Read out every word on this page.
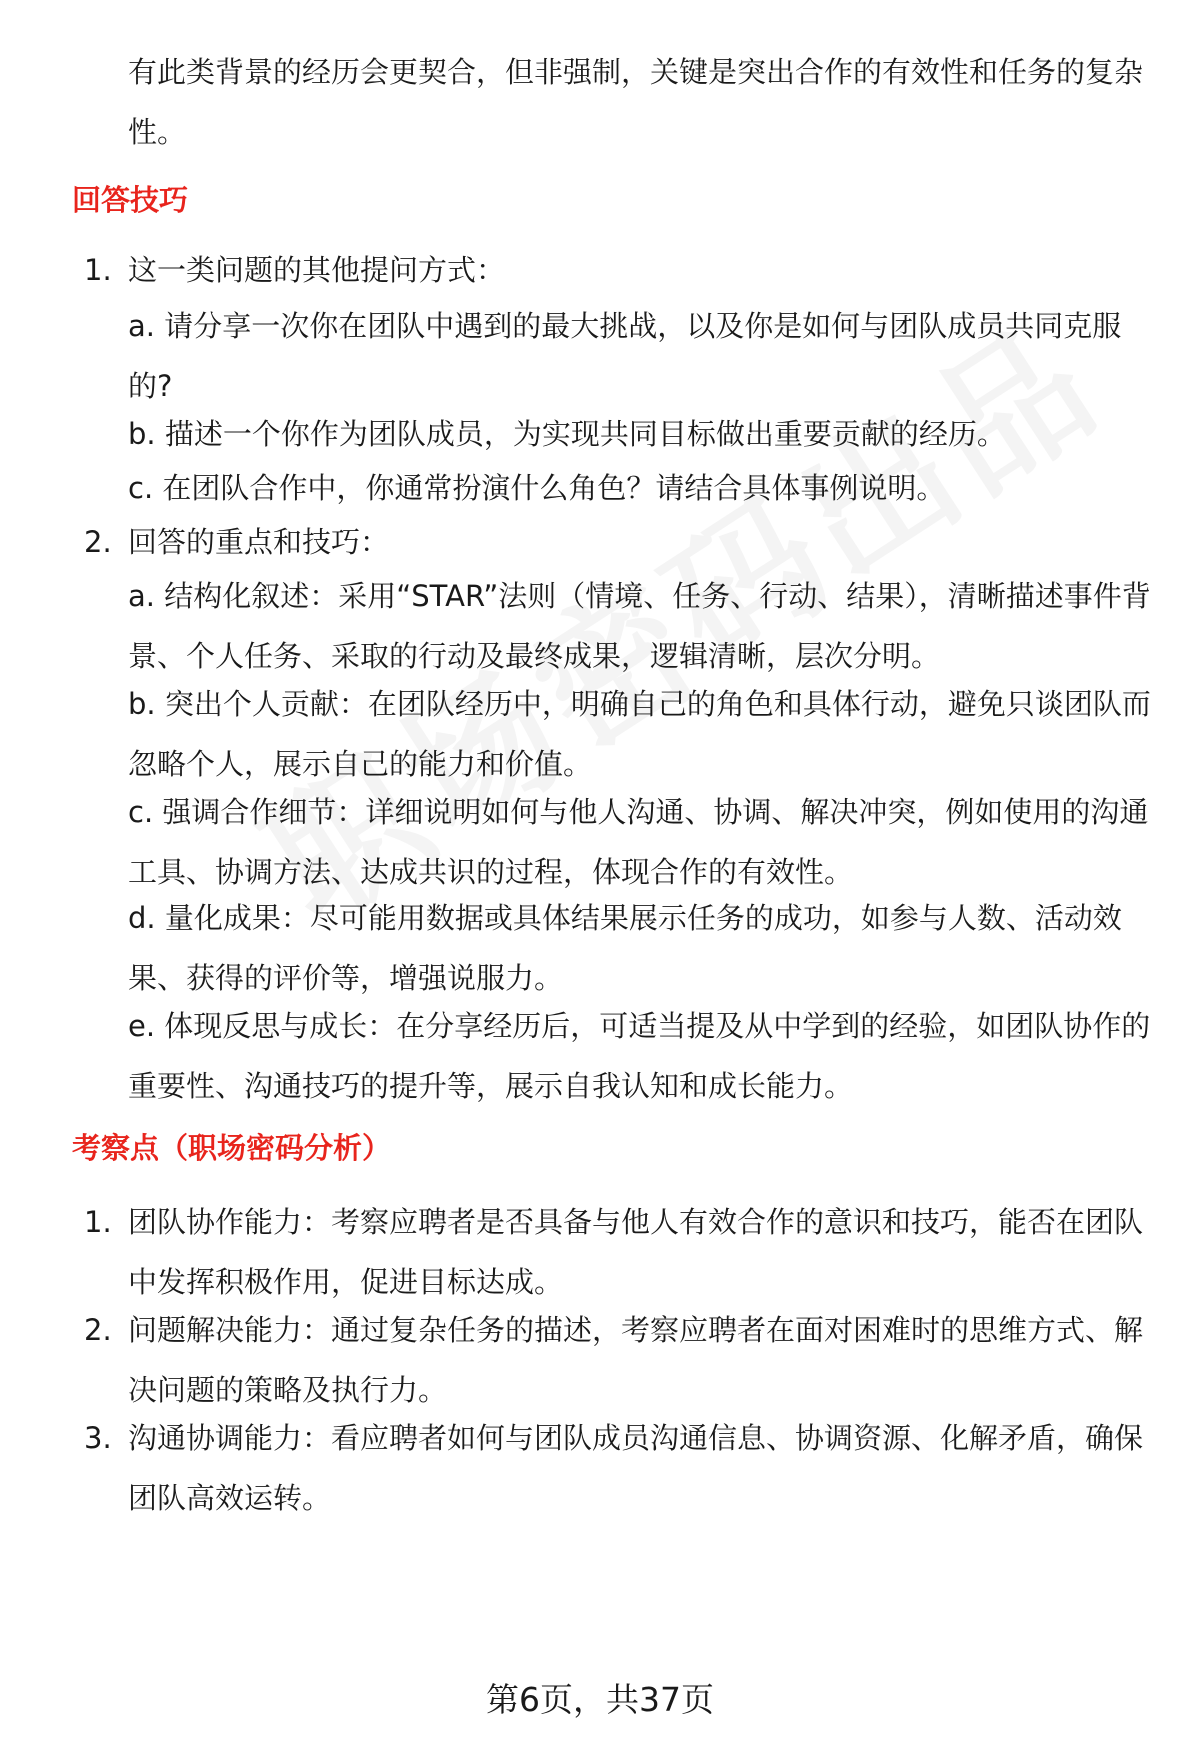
有此类背景的经历会更契合，但非强制，关键是突出合作的有效性和任务的复杂性。
回答技巧
1. 这一类问题的其他提问方式：
a. 请分享一次你在团队中遇到的最大挑战，以及你是如何与团队成员共同克服的?
b. 描述一个你作为团队成员，为实现共同目标做出重要贡献的经历。
c. 在团队合作中，你通常扮演什么角色？请结合具体事例说明。
2. 回答的重点和技巧：
a. 结构化叙述：采用“STAR”法则（情境、任务、行动、结果），清晰描述事件背景、个人任务、采取的行动及最终成果，逻辑清晰，层次分明。
b. 突出个人贡献：在团队经历中，明确自己的角色和具体行动，避免只谈团队而忽略个人，展示自己的能力和价值。
c. 强调合作细节：详细说明如何与他人沟通、协调、解决冲突，例如使用的沟通工具、协调方法、达成共识的过程，体现合作的有效性。
d. 量化成果：尽可能用数据或具体结果展示任务的成功，如参与人数、活动效果、获得的评价等，增强说服力。
e. 体现反思与成长：在分享经历后，可适当提及从中学到的经验，如团队协作的重要性、沟通技巧的提升等，展示自我认知和成长能力。
考察点（职场密码分析）
1. 团队协作能力：考察应聘者是否具备与他人有效合作的意识和技巧，能否在团队中发挥积极作用，促进目标达成。
2. 问题解决能力：通过复杂任务的描述，考察应聘者在面对困难时的思维方式、解决问题的策略及执行力。
3. 沟通协调能力：看应聘者如何与团队成员沟通信息、协调资源、化解矛盾，确保团队高效运转。
第6页，共37页
